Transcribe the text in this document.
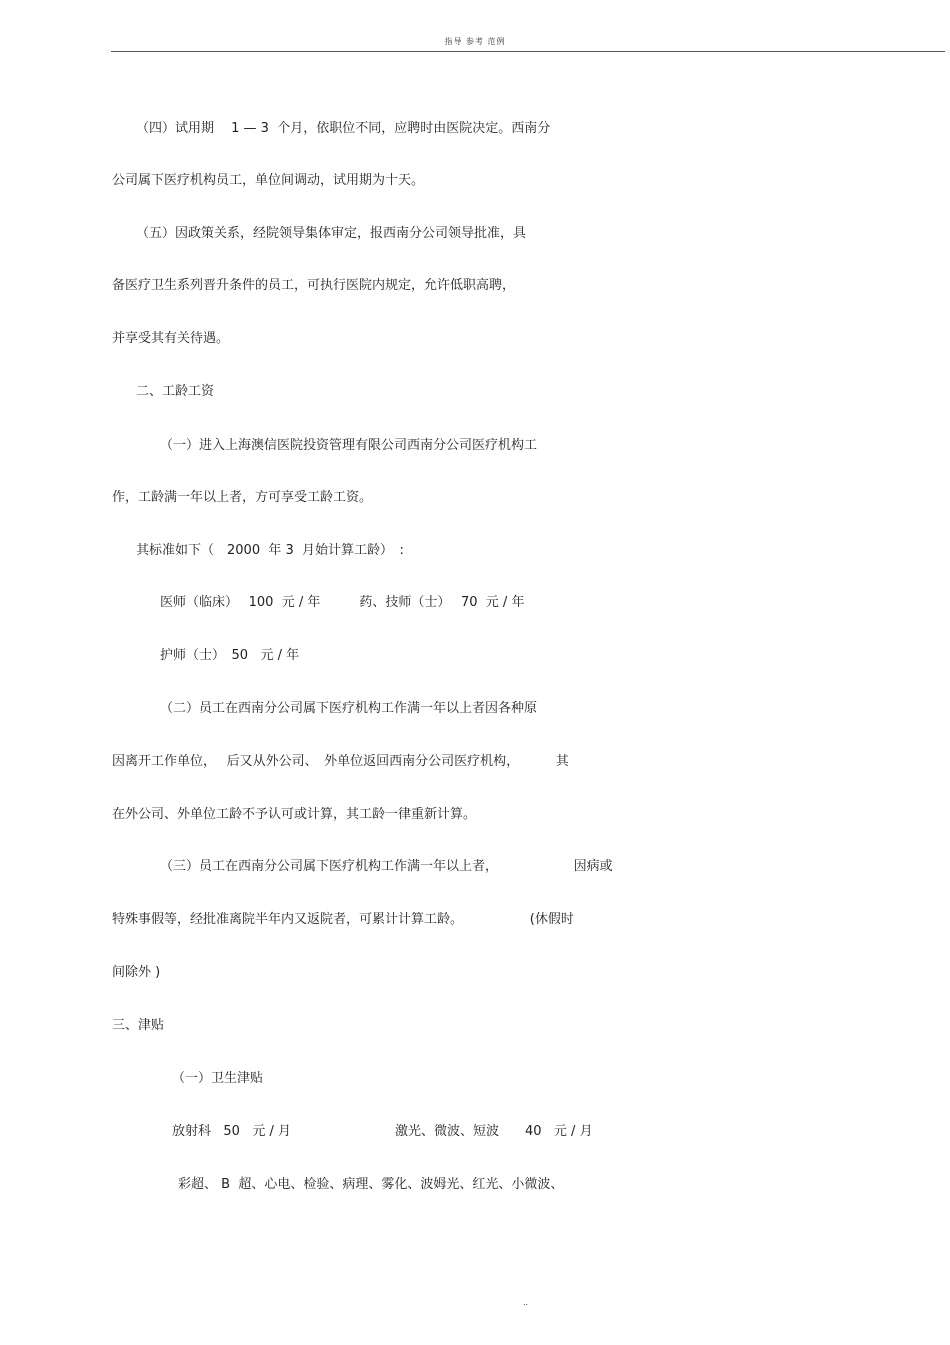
指导 参考 范例
（四）试用期　 1 — 3  个月，依职位不同，应聘时由医院决定。西南分
公司属下医疗机构员工，单位间调动，试用期为十天。
（五）因政策关系，经院领导集体审定，报西南分公司领导批准，具
备医疗卫生系列晋升条件的员工，可执行医院内规定，允许低职高聘，
并享受其有关待遇。
二、工龄工资
（一）进入上海澳信医院投资管理有限公司西南分公司医疗机构工
作，工龄满一年以上者，方可享受工龄工资。
其标准如下（　2000  年 3  月始计算工龄）　:
医师（临床）　 100  元 / 年　　　药、技师（士）　 70  元 / 年
护师（士）　50   元 / 年
（二）员工在西南分公司属下医疗机构工作满一年以上者因各种原
因离开工作单位，　 后又从外公司、　外单位返回西南分公司医疗机构，　　　 其
在外公司、外单位工龄不予认可或计算，其工龄一律重新计算。
（三）员工在西南分公司属下医疗机构工作满一年以上者，　　　　　　 因病或
特殊事假等，经批准离院半年内又返院者，可累计计算工龄。　　　　　  (休假时
间除外 )
三、津贴
（一）卫生津贴
放射科   50   元 / 月　　　　　　　　激光、微波、短波　　40   元 / 月
彩超、 B  超、心电、检验、病理、雾化、波姆光、红光、小微波、
..
